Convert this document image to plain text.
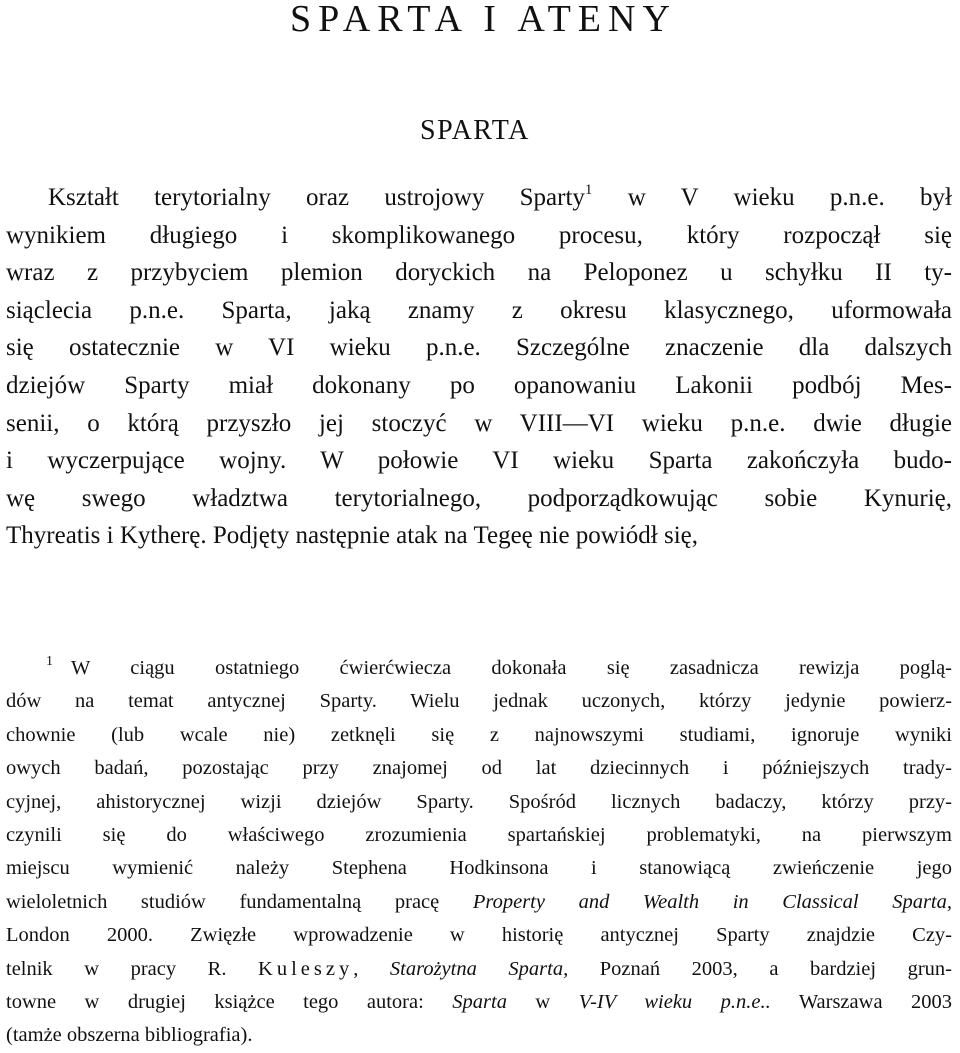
SPARTA I ATENY
SPARTA
Kształt terytorialny oraz ustrojowy Sparty$^1$ w V wieku p.n.e. był
wynikiem długiego i skomplikowanego procesu, który rozpoczął się
wraz z przybyciem plemion doryckich na Peloponez u schyłku II ty-
siąclecia p.n.e. Sparta, jaką znamy z okresu klasycznego, uformowała
się ostatecznie w VI wieku p.n.e. Szczególne znaczenie dla dalszych
dziejów Sparty miał dokonany po opanowaniu Lakonii podbój Mes-
senii, o którą przyszło jej stoczyć w VIII—VI wieku p.n.e. dwie długie
i wyczerpujące wojny. W połowie VI wieku Sparta zakończyła budo-
wę swego władztwa terytorialnego, podporządkowując sobie Kynurię,
Thyreatis i Kytherę. Podjęty następnie atak na Tegeę nie powiódł się,
$^1$ W ciągu ostatniego ćwierćwiecza dokonała się zasadnicza rewizja poglą-
dów na temat antycznej Sparty. Wielu jednak uczonych, którzy jedynie powierz-
chownie (lub wcale nie) zetknęli się z najnowszymi studiami, ignoruje wyniki
owych badań, pozostając przy znajomej od lat dziecinnych i późniejszych trady-
cyjnej, ahistorycznej wizji dziejów Sparty. Spośród licznych badaczy, którzy przy-
czynili się do właściwego zrozumienia spartańskiej problematyki, na pierwszym
miejscu wymienić należy Stephena Hodkinsona i stanowiącą zwieńczenie jego
wieloletnich studiów fundamentalną pracę Property and Wealth in Classical Sparta,
London 2000. Zwięzłe wprowadzenie w historię antycznej Sparty znajdzie Czy-
telnik w pracy R. Kuleszy, Starożytna Sparta, Poznań 2003, a bardziej grun-
towne w drugiej książce tego autora: Sparta w V-IV wieku p.n.e.. Warszawa 2003
(tamże obszerna bibliografia).
